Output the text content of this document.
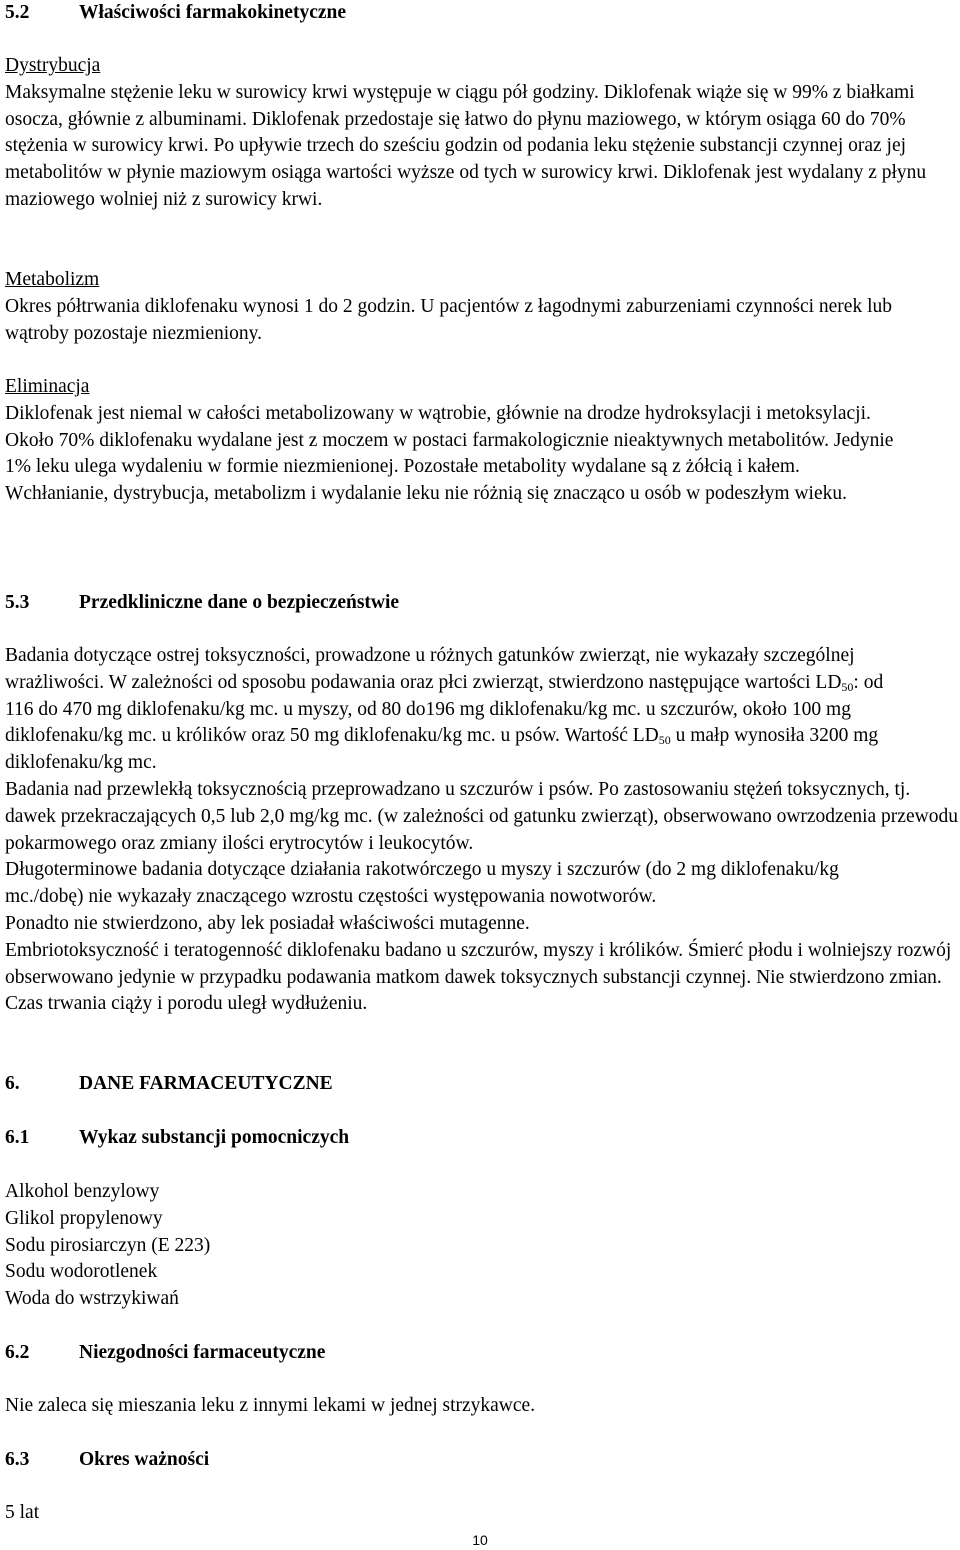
5.2	Właściwości farmakokinetyczne

Dystrybucja

Maksymalne stężenie leku w surowicy krwi występuje w ciągu pół godziny. Diklofenak wiąże się w 99% z białkami osocza, głównie z albuminami. Diklofenak przedostaje się łatwo do płynu maziowego, w którym osiąga 60 do 70% stężenia w surowicy krwi. Po upływie trzech do sześciu godzin od podania leku stężenie substancji czynnej oraz jej metabolitów w płynie maziowym osiąga wartości wyższe od tych w surowicy krwi. Diklofenak jest wydalany z płynu maziowego wolniej niż z surowicy krwi.

Metabolizm

Okres półtrwania diklofenaku wynosi 1 do 2 godzin. U pacjentów z łagodnymi zaburzeniami czynności nerek lub wątroby pozostaje niezmieniony.

Eliminacja

Diklofenak jest niemal w całości metabolizowany w wątrobie, głównie na drodze hydroksylacji i metoksylacji. Około 70% diklofenaku wydalane jest z moczem w postaci farmakologicznie nieaktywnych metabolitów. Jedynie 1% leku ulega wydaleniu w formie niezmienionej. Pozostałe metabolity wydalane są z żółcią i kałem.

Wchłanianie, dystrybucja, metabolizm i wydalanie leku nie różnią się znacząco u osób w podeszłym wieku.

5.3	Przedkliniczne dane o bezpieczeństwie

Badania dotyczące ostrej toksyczności, prowadzone u różnych gatunków zwierząt, nie wykazały szczególnej wrażliwości. W zależności od sposobu podawania oraz płci zwierząt, stwierdzono następujące wartości $LD_{50}$: od 116 do 470 mg diklofenaku/kg mc. u myszy, od 80 do196 mg diklofenaku/kg mc. u szczurów, około 100 mg diklofenaku/kg mc. u królików oraz 50 mg diklofenaku/kg mc. u psów. Wartość $LD_{50}$ u małp wynosiła 3200 mg diklofenaku/kg mc.

Badania nad przewlekłą toksycznością przeprowadzano u szczurów i psów. Po zastosowaniu stężeń toksycznych, tj. dawek przekraczających 0,5 lub 2,0 mg/kg mc. (w zależności od gatunku zwierząt), obserwowano owrzodzenia przewodu pokarmowego oraz zmiany ilości erytrocytów i leukocytów.

Długoterminowe badania dotyczące działania rakotwórczego u myszy i szczurów (do 2 mg diklofenaku/kg mc./dobę) nie wykazały znaczącego wzrostu częstości występowania nowotworów.

Ponadto nie stwierdzono, aby lek posiadał właściwości mutagenne.

Embriotoksyczność i teratogenność diklofenaku badano u szczurów, myszy i królików. Śmierć płodu i wolniejszy rozwój obserwowano jedynie w przypadku podawania matkom dawek toksycznych substancji czynnej. Nie stwierdzono zmian. Czas trwania ciąży i porodu uległ wydłużeniu.

6.	DANE FARMACEUTYCZNE
6.1	Wykaz substancji pomocniczych

Alkohol benzylowy

Glikol propylenowy

Sodu pirosiarczyn (E 223)

Sodu wodorotlenek

Woda do wstrzykiwań

6.2	Niezgodności farmaceutyczne

Nie zaleca się mieszania leku z innymi lekami w jednej strzykawce.

6.3	Okres ważności

5 lat

10
